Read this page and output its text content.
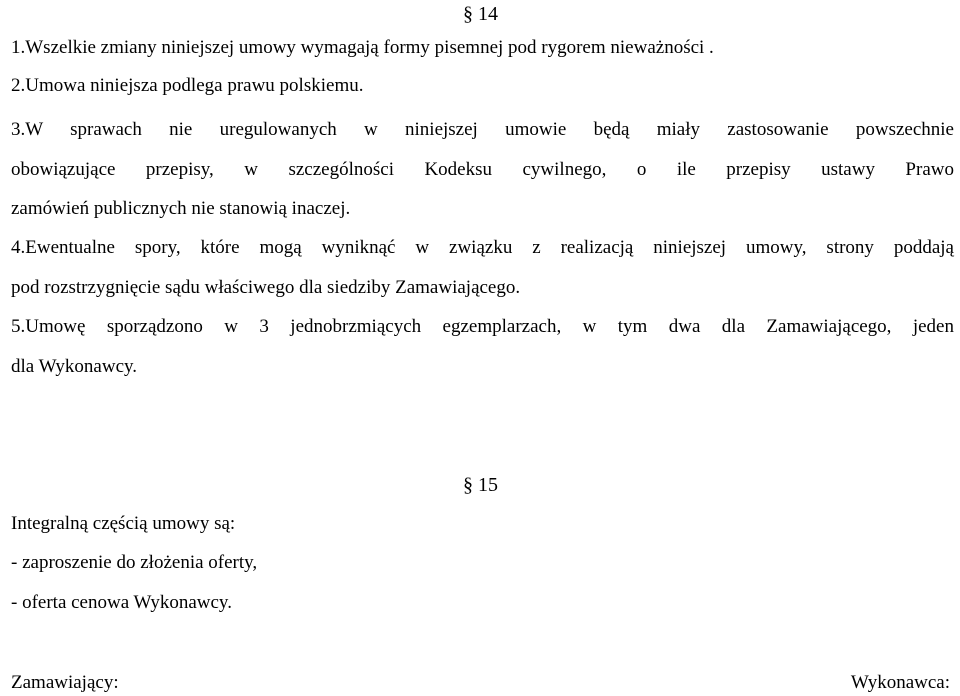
§ 14
1.Wszelkie zmiany niniejszej umowy wymagają formy pisemnej pod rygorem nieważności .
2.Umowa niniejsza podlega prawu polskiemu.
3.W sprawach nie uregulowanych w niniejszej umowie będą miały zastosowanie powszechnie
obowiązujące przepisy, w szczególności Kodeksu cywilnego, o ile przepisy ustawy Prawo
zamówień publicznych nie stanowią inaczej.
4.Ewentualne spory, które mogą wyniknąć w związku z realizacją niniejszej umowy, strony poddają
pod rozstrzygnięcie sądu właściwego dla siedziby Zamawiającego.
5.Umowę sporządzono w 3 jednobrzmiących egzemplarzach, w tym dwa dla Zamawiającego, jeden
dla Wykonawcy.
§ 15
Integralną częścią umowy są:
- zaproszenie do złożenia oferty,
- oferta cenowa Wykonawcy.
Zamawiający:	Wykonawca:
